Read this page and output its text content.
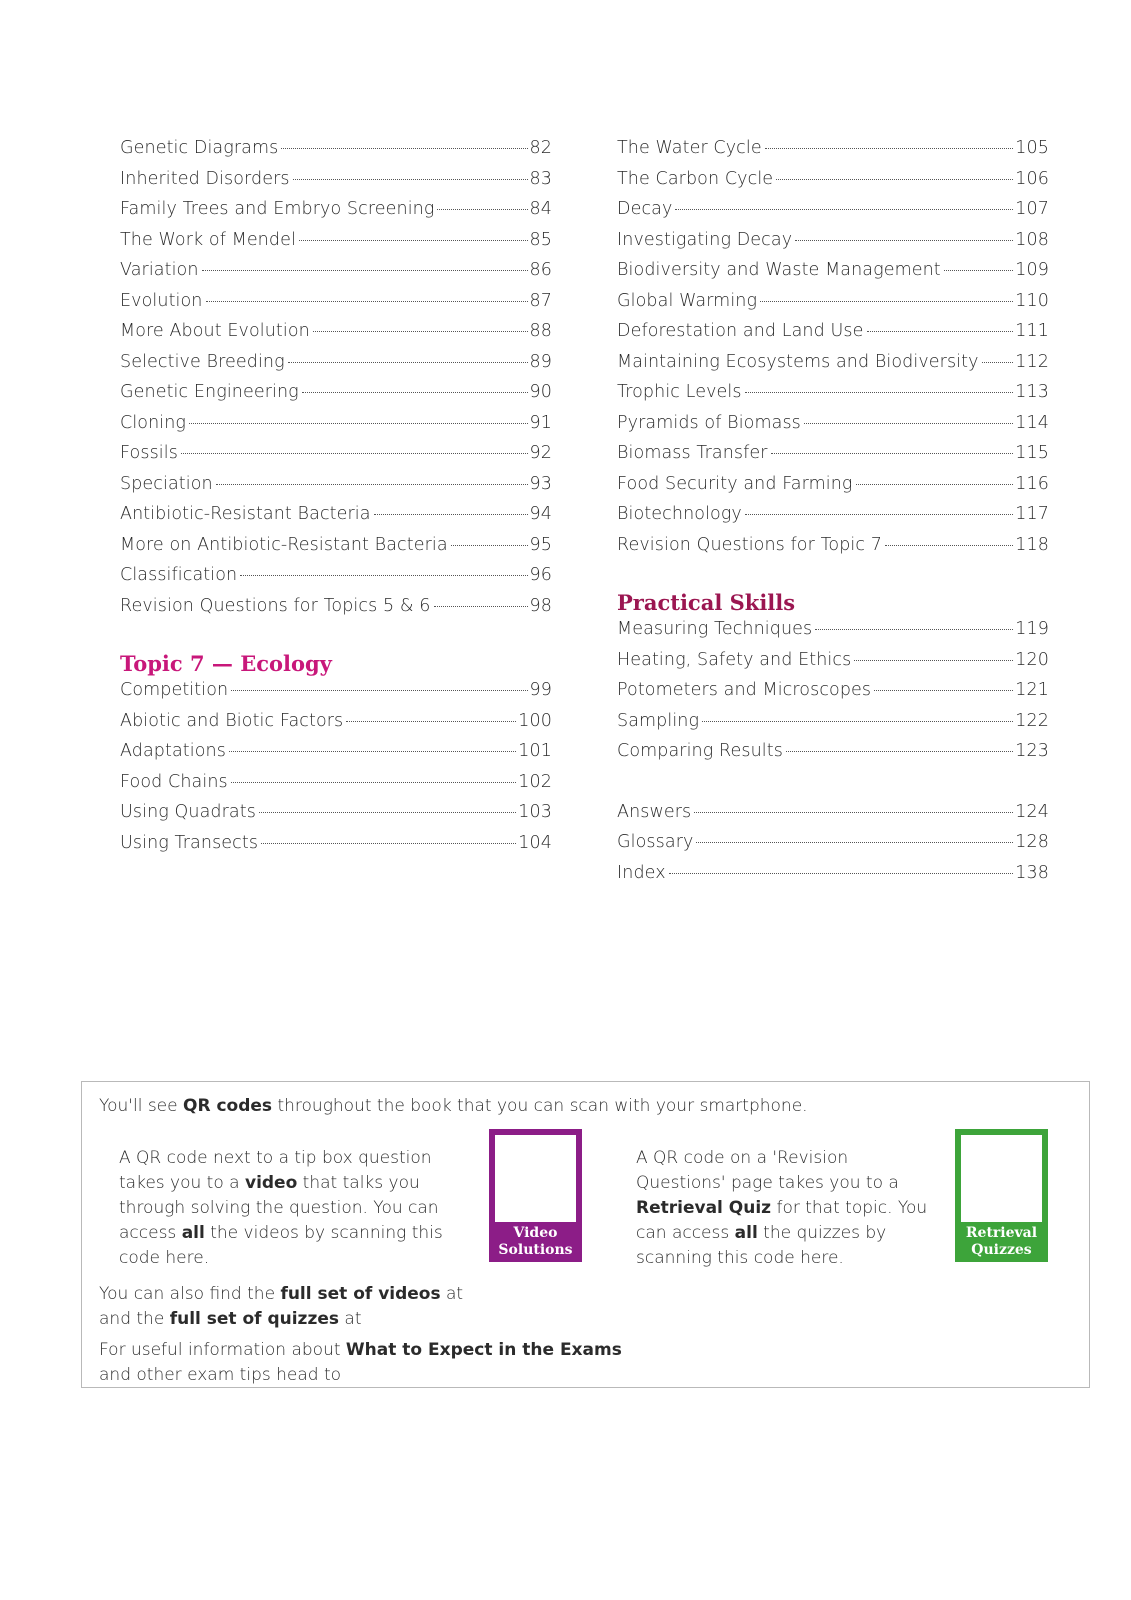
Genetic Diagrams	82
Inherited Disorders	83
Family Trees and Embryo Screening	84
The Work of Mendel	85
Variation	86
Evolution	87
More About Evolution	88
Selective Breeding	89
Genetic Engineering	90
Cloning	91
Fossils	92
Speciation	93
Antibiotic-Resistant Bacteria	94
More on Antibiotic-Resistant Bacteria	95
Classification	96
Revision Questions for Topics 5 & 6	98
Topic 7 — Ecology
Competition	99
Abiotic and Biotic Factors	100
Adaptations	101
Food Chains	102
Using Quadrats	103
Using Transects	104
The Water Cycle	105
The Carbon Cycle	106
Decay	107
Investigating Decay	108
Biodiversity and Waste Management	109
Global Warming	110
Deforestation and Land Use	111
Maintaining Ecosystems and Biodiversity 112
Trophic Levels	113
Pyramids of Biomass	114
Biomass Transfer	115
Food Security and Farming	116
Biotechnology	117
Revision Questions for Topic 7	118
Practical Skills
Measuring Techniques	119
Heating, Safety and Ethics	120
Potometers and Microscopes	121
Sampling	122
Comparing Results	123
Answers	124
Glossary	128
Index	138
You'll see QR codes throughout the book that you can scan with your smartphone.
A QR code next to a tip box question takes you to a video that talks you through solving the question. You can access all the videos by scanning this code here.
Video
Solutions
A QR code on a 'Revision Questions' page takes you to a Retrieval Quiz for that topic. You can access all the quizzes by scanning this code here.
Retrieval
Quizzes
You can also find the full set of videos at
and the full set of quizzes at
For useful information about What to Expect in the Exams and other exam tips head to
